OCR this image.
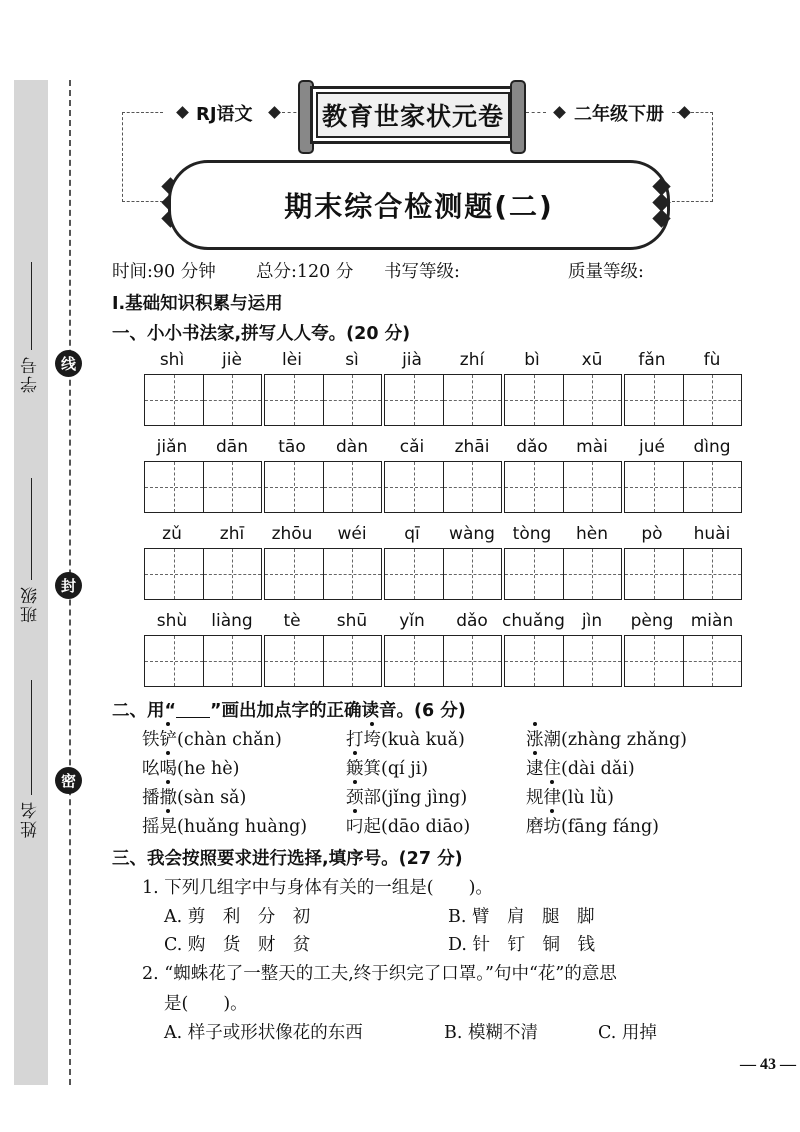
学号
班级
姓名
线
封
密
RJ语文	教育世家状元卷	二年级下册
期末综合检测题(二)
时间:90 分钟 总分:120 分 书写等级:	质量等级:
Ⅰ.基础知识积累与运用
一、小小书法家,拼写人人夸。(20 分)
shì	jiè	lèi	sì	jià	zhí	bì	xū	fǎn	fù
jiǎn	dān	tāo	dàn	cǎi	zhāi	dǎo	mài	jué	dìng
zǔ	zhī	zhōu	wéi	qī	wàng	tòng	hèn	pò	huài
shù	liàng	tè	shū	yǐn	dǎo chuǎng jìn	pèng	miàn
二、用“ ”画出加点字的正确读音。(6 分)
铁铲(chàn chǎn)	打垮(kuà kuǎ)	涨潮(zhàng zhǎng)
吆喝(he hè)	簸箕(qí ji)	逮住(dài dǎi)
播撒(sàn sǎ)	颈部(jǐng jìng)	规律(lù lǜ)
摇晃(huǎng huàng) 叼起(dāo diāo)	磨坊(fāng fáng)
三、我会按照要求进行选择,填序号。(27 分)
1. 下列几组字中与身体有关的一组是(　　)。
A. 剪　利　分　初	B. 臂　肩　腿　脚
C. 购　货　财　贫	D. 针　钉　铜　钱
2. “蜘蛛花了一整天的工夫,终于织完了口罩。”句中“花”的意思
是(　　)。
A. 样子或形状像花的东西	B. 模糊不清	C. 用掉
— 43 —
